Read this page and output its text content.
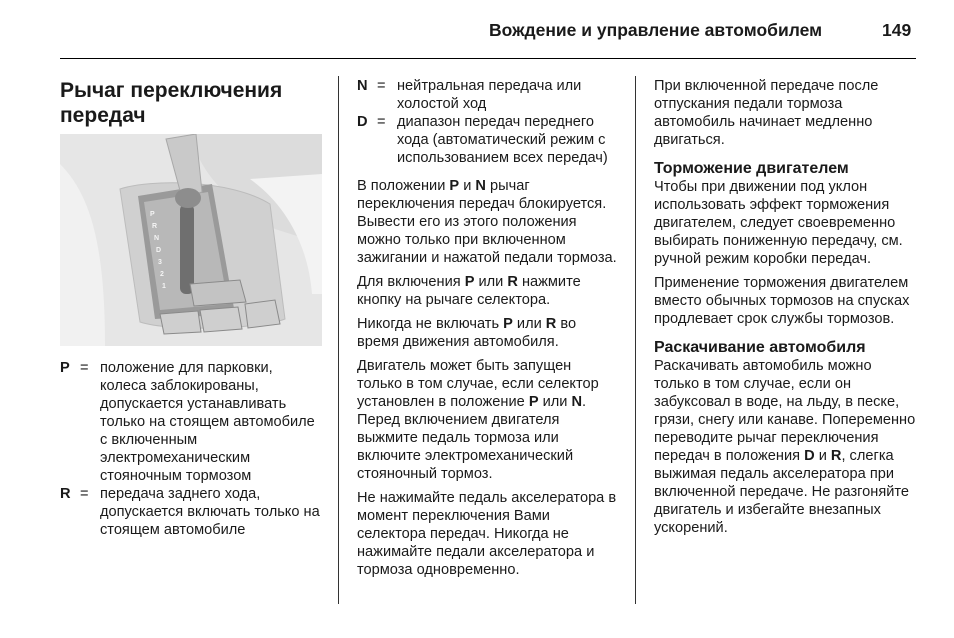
Вождение и управление автомобилем	149
Рычаг переключения передач
P
R
N
D
3
2
1
P = положение для парковки, колеса заблокированы, допускается устанавливать только на стоящем автомобиле с включенным электромеханическим стояночным тормозом
R = передача заднего хода, допускается включать только на стоящем автомобиле
N = нейтральная передача или холостой ход
D = диапазон передач переднего хода (автоматический режим с использованием всех передач)

В положении P и N рычаг переключения передач блокируется. Вывести его из этого положения можно только при включенном зажигании и нажатой педали тормоза.

Для включения P или R нажмите кнопку на рычаге селектора.

Никогда не включать P или R во время движения автомобиля.

Двигатель может быть запущен только в том случае, если селектор установлен в положение P или N. Перед включением двигателя выжмите педаль тормоза или включите электромеханический стояночный тормоз.

Не нажимайте педаль акселератора в момент переключения Вами селектора передач. Никогда не нажимайте педали акселератора и тормоза одновременно.

При включенной передаче после отпускания педали тормоза автомобиль начинает медленно двигаться.

Торможение двигателем

Чтобы при движении под уклон использовать эффект торможения двигателем, следует своевременно выбирать пониженную передачу, см. ручной режим коробки передач.

Применение торможения двигателем вместо обычных тормозов на спусках продлевает срок службы тормозов.

Раскачивание автомобиля

Раскачивать автомобиль можно только в том случае, если он забуксовал в воде, на льду, в песке, грязи, снегу или канаве. Попеременно переводите рычаг переключения передач в положения D и R, слегка выжимая педаль акселератора при включенной передаче. Не разгоняйте двигатель и избегайте внезапных ускорений.
